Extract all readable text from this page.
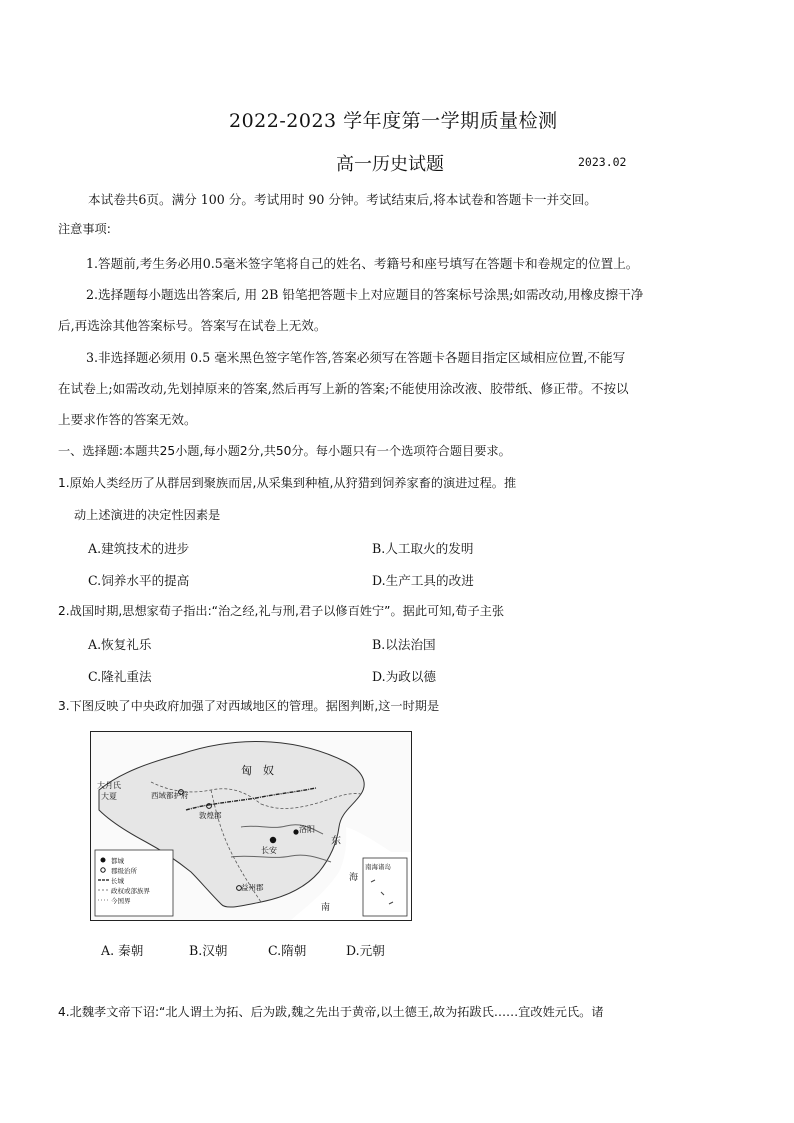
2022-2023 学年度第一学期质量检测
高一历史试题	2023.02
本试卷共6页。满分 100 分。考试用时 90 分钟。考试结束后,将本试卷和答题卡一并交回。
注意事项:
1.答题前,考生务必用0.5毫米签字笔将自己的姓名、考籍号和座号填写在答题卡和卷规定的位置上。
2.选择题每小题选出答案后, 用 2B 铅笔把答题卡上对应题目的答案标号涂黑;如需改动,用橡皮擦干净
后,再选涂其他答案标号。答案写在试卷上无效。
3.非选择题必须用 0.5 毫米黑色签字笔作答,答案必须写在答题卡各题目指定区域相应位置,不能写
在试卷上;如需改动,先划掉原来的答案,然后再写上新的答案;不能使用涂改液、胶带纸、修正带。不按以
上要求作答的答案无效。
一、选择题:本题共25小题,每小题2分,共50分。每小题只有一个选项符合题目要求。
1.原始人类经历了从群居到聚族而居,从采集到种植,从狩猎到饲养家畜的演进过程。推
动上述演进的决定性因素是
A.建筑技术的进步	B.人工取火的发明
C.饲养水平的提高	D.生产工具的改进
2.战国时期,思想家荀子指出:“治之经,礼与刑,君子以修百姓宁”。据此可知,荀子主张
A.恢复礼乐	B.以法治国
C.隆礼重法	D.为政以德
3.下图反映了中央政府加强了对西域地区的管理。据图判断,这一时期是
大月氏
大夏	西域都护府
敦煌郡
匈 奴
长安
洛阳
益州郡
东
南
海
都城
郡级治所
长城
政权或部族界
今国界
南海诸岛
A. 秦朝	B.汉朝	C.隋朝	D.元朝
4.北魏孝文帝下诏:“北人谓土为拓、后为跋,魏之先出于黄帝,以土德王,故为拓跋氏……宜改姓元氏。诸
